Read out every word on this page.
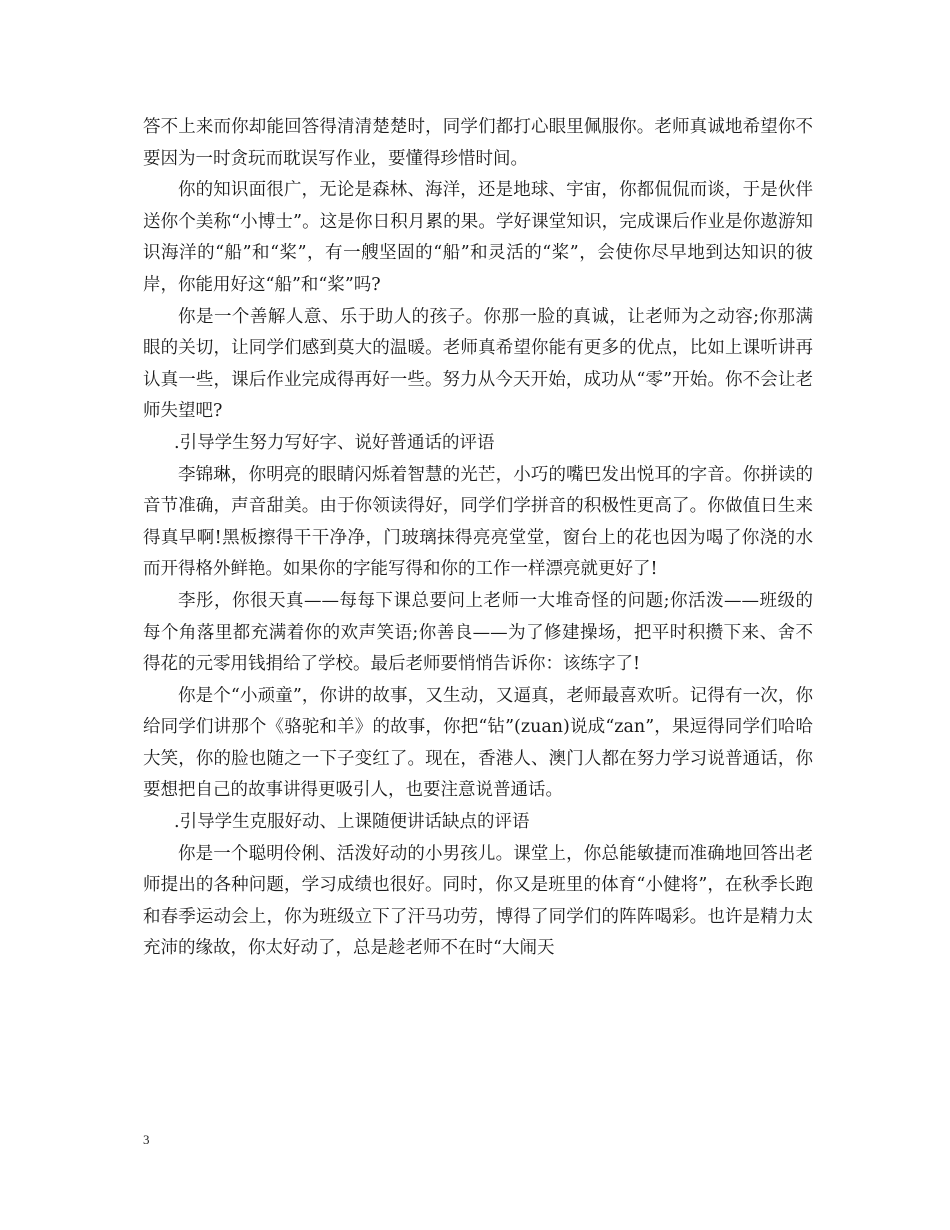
答不上来而你却能回答得清清楚楚时，同学们都打心眼里佩服你。老师真诚地希望你不要因为一时贪玩而耽误写作业，要懂得珍惜时间。

你的知识面很广，无论是森林、海洋，还是地球、宇宙，你都侃侃而谈，于是伙伴送你个美称“小博士”。这是你日积月累的果。学好课堂知识，完成课后作业是你遨游知识海洋的“船”和“桨”，有一艘坚固的“船”和灵活的“桨”，会使你尽早地到达知识的彼岸，你能用好这“船”和“桨”吗?

你是一个善解人意、乐于助人的孩子。你那一脸的真诚，让老师为之动容;你那满眼的关切，让同学们感到莫大的温暖。老师真希望你能有更多的优点，比如上课听讲再认真一些，课后作业完成得再好一些。努力从今天开始，成功从“零”开始。你不会让老师失望吧?

.引导学生努力写好字、说好普通话的评语

李锦琳，你明亮的眼睛闪烁着智慧的光芒，小巧的嘴巴发出悦耳的字音。你拼读的音节准确，声音甜美。由于你领读得好，同学们学拼音的积极性更高了。你做值日生来得真早啊!黑板擦得干干净净，门玻璃抹得亮亮堂堂，窗台上的花也因为喝了你浇的水而开得格外鲜艳。如果你的字能写得和你的工作一样漂亮就更好了!

李彤，你很天真——每每下课总要问上老师一大堆奇怪的问题;你活泼——班级的每个角落里都充满着你的欢声笑语;你善良——为了修建操场，把平时积攒下来、舍不得花的元零用钱捐给了学校。最后老师要悄悄告诉你：该练字了!

你是个“小顽童”，你讲的故事，又生动，又逼真，老师最喜欢听。记得有一次，你给同学们讲那个《骆驼和羊》的故事，你把“钻”(zuan)说成“zan”，果逗得同学们哈哈大笑，你的脸也随之一下子变红了。现在，香港人、澳门人都在努力学习说普通话，你要想把自己的故事讲得更吸引人，也要注意说普通话。

.引导学生克服好动、上课随便讲话缺点的评语

你是一个聪明伶俐、活泼好动的小男孩儿。课堂上，你总能敏捷而准确地回答出老师提出的各种问题，学习成绩也很好。同时，你又是班里的体育“小健将”，在秋季长跑和春季运动会上，你为班级立下了汗马功劳，博得了同学们的阵阵喝彩。也许是精力太充沛的缘故，你太好动了，总是趁老师不在时“大闹天

3
